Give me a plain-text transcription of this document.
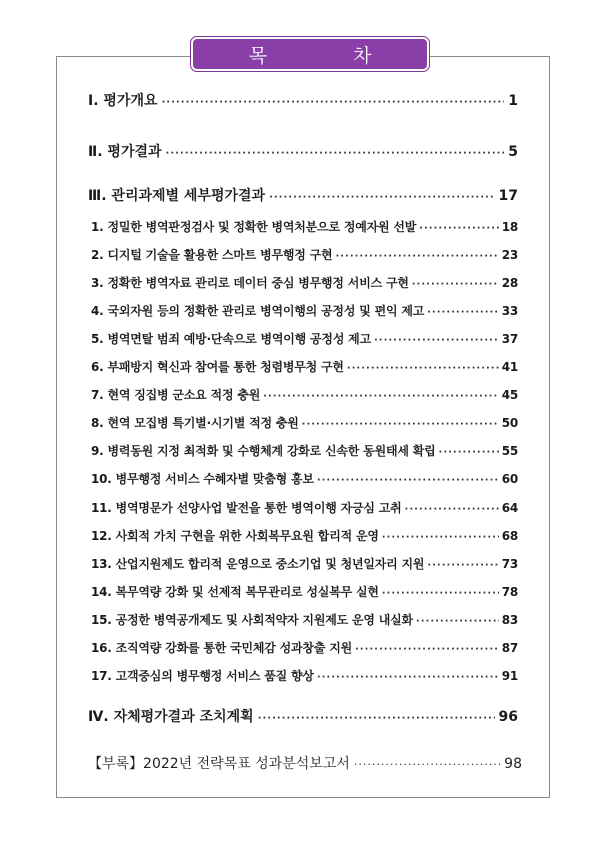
목 차
Ⅰ. 평가개요 ·····	1
Ⅱ. 평가결과 ·····	5
Ⅲ. 관리과제별 세부평가결과 ·····	17
1. 정밀한 병역판정검사 및 정확한 병역처분으로 정예자원 선발 ·····	18
2. 디지털 기술을 활용한 스마트 병무행정 구현 ·····	23
3. 정확한 병역자료 관리로 데이터 중심 병무행정 서비스 구현 ·····	28
4. 국외자원 등의 정확한 관리로 병역이행의 공정성 및 편익 제고 ·····	33
5. 병역면탈 범죄 예방·단속으로 병역이행 공정성 제고 ·····	37
6. 부패방지 혁신과 참여를 통한 청렴병무청 구현 ·····	41
7. 현역 징집병 군소요 적정 충원 ·····	45
8. 현역 모집병 특기별·시기별 적정 충원 ·····	50
9. 병력동원 지정 최적화 및 수행체계 강화로 신속한 동원태세 확립 ·····	55
10. 병무행정 서비스 수혜자별 맞춤형 홍보 ·····	60
11. 병역명문가 선양사업 발전을 통한 병역이행 자긍심 고취 ·····	64
12. 사회적 가치 구현을 위한 사회복무요원 합리적 운영 ·····	68
13. 산업지원제도 합리적 운영으로 중소기업 및 청년일자리 지원 ·····	73
14. 복무역량 강화 및 선제적 복무관리로 성실복무 실현 ·····	78
15. 공정한 병역공개제도 및 사회적약자 지원제도 운영 내실화 ·····	83
16. 조직역량 강화를 통한 국민체감 성과창출 지원 ·····	87
17. 고객중심의 병무행정 서비스 품질 향상 ·····	91
Ⅳ. 자체평가결과 조치계획 ·····	96
【부록】2022년 전략목표 성과분석보고서 ·····	98
